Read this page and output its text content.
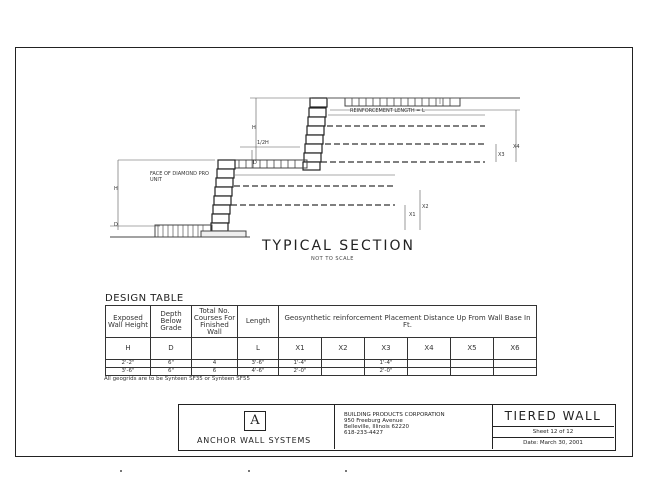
REINFORCEMENT LENGTH = L
FACE OF DIAMOND PRO UNIT
1/2H
H
H
D
D
X1
X2
X3
X4
TYPICAL SECTION
NOT TO SCALE
DESIGN TABLE
Exposed Wall Height	Depth Below Grade	Total No. Courses For Finished Wall	Length	Geosynthetic reinforcement Placement Distance Up From Wall Base In Ft.					
H	D		L	X1	X2	X3	X4	X5	X6
2'-2"	6"	4	3'-6"	1'-4"		1'-4"			
3'-6"	6"	6	4'-6"	2'-0"		2'-0"			
All geogrids are to be Synteen SF35 or Synteen SF55
A
ANCHOR WALL SYSTEMS
BUILDING PRODUCTS CORPORATION
950 Freeburg Avenue
Belleville, Illinois 62220
618-233-4427
TIERED WALL
Sheet 12 of 12
Date: March 30, 2001
